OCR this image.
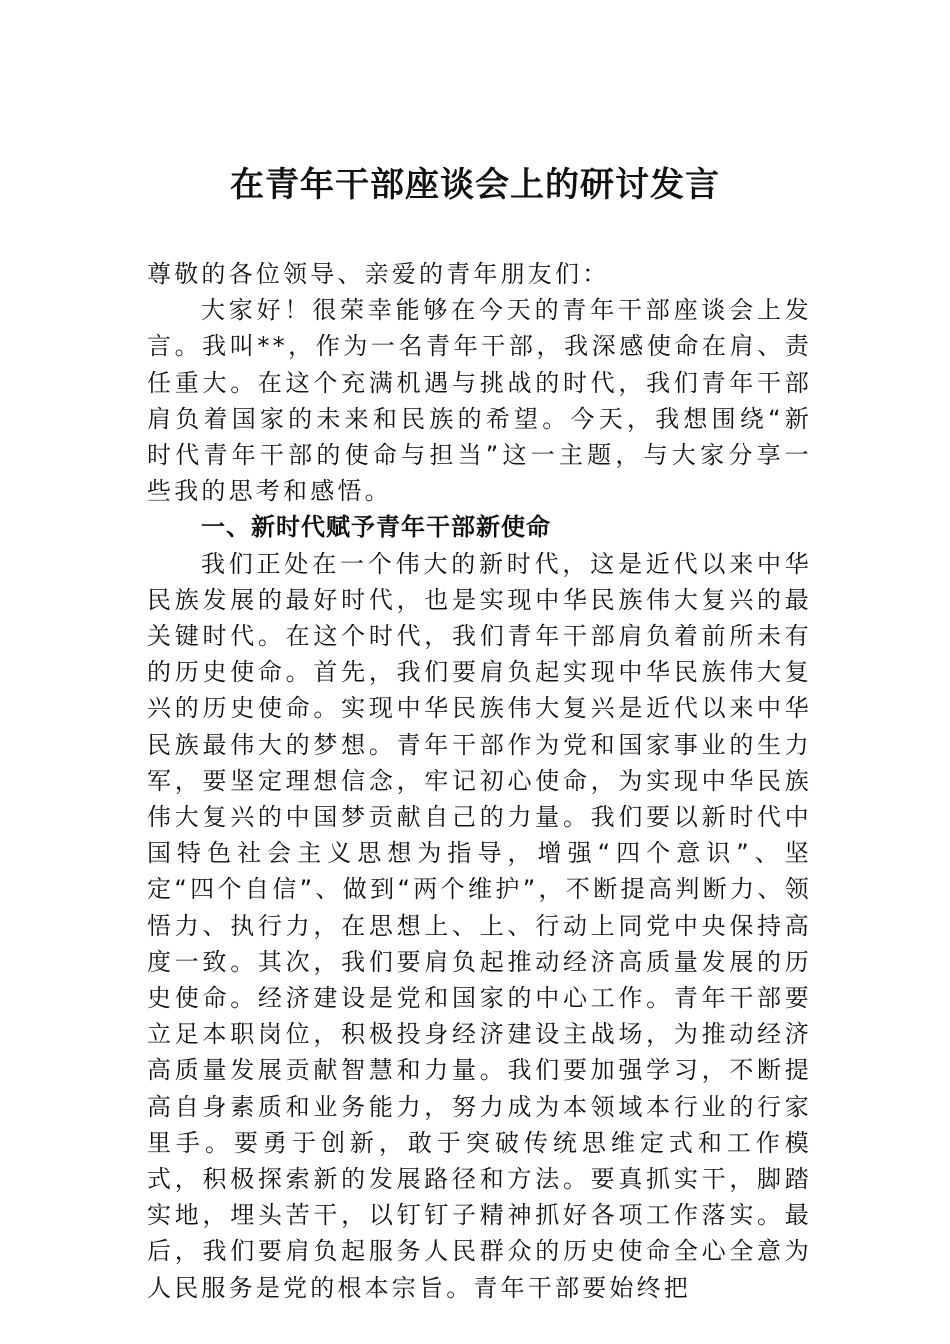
在青年干部座谈会上的研讨发言

尊敬的各位领导、亲爱的青年朋友们：

大家好！很荣幸能够在今天的青年干部座谈会上发言。我叫**，作为一名青年干部，我深感使命在肩、责任重大。在这个充满机遇与挑战的时代，我们青年干部肩负着国家的未来和民族的希望。今天，我想围绕“新时代青年干部的使命与担当”这一主题，与大家分享一些我的思考和感悟。

一、新时代赋予青年干部新使命

我们正处在一个伟大的新时代，这是近代以来中华民族发展的最好时代，也是实现中华民族伟大复兴的最关键时代。在这个时代，我们青年干部肩负着前所未有的历史使命。首先，我们要肩负起实现中华民族伟大复兴的历史使命。实现中华民族伟大复兴是近代以来中华民族最伟大的梦想。青年干部作为党和国家事业的生力军，要坚定理想信念，牢记初心使命，为实现中华民族伟大复兴的中国梦贡献自己的力量。我们要以新时代中国特色社会主义思想为指导，增强“四个意识”、坚定“四个自信”、做到“两个维护”，不断提高判断力、领悟力、执行力，在思想上、上、行动上同党中央保持高度一致。其次，我们要肩负起推动经济高质量发展的历史使命。经济建设是党和国家的中心工作。青年干部要立足本职岗位，积极投身经济建设主战场，为推动经济高质量发展贡献智慧和力量。我们要加强学习，不断提高自身素质和业务能力，努力成为本领域本行业的行家里手。要勇于创新，敢于突破传统思维定式和工作模式，积极探索新的发展路径和方法。要真抓实干，脚踏实地，埋头苦干，以钉钉子精神抓好各项工作落实。最后，我们要肩负起服务人民群众的历史使命全心全意为人民服务是党的根本宗旨。青年干部要始终把
